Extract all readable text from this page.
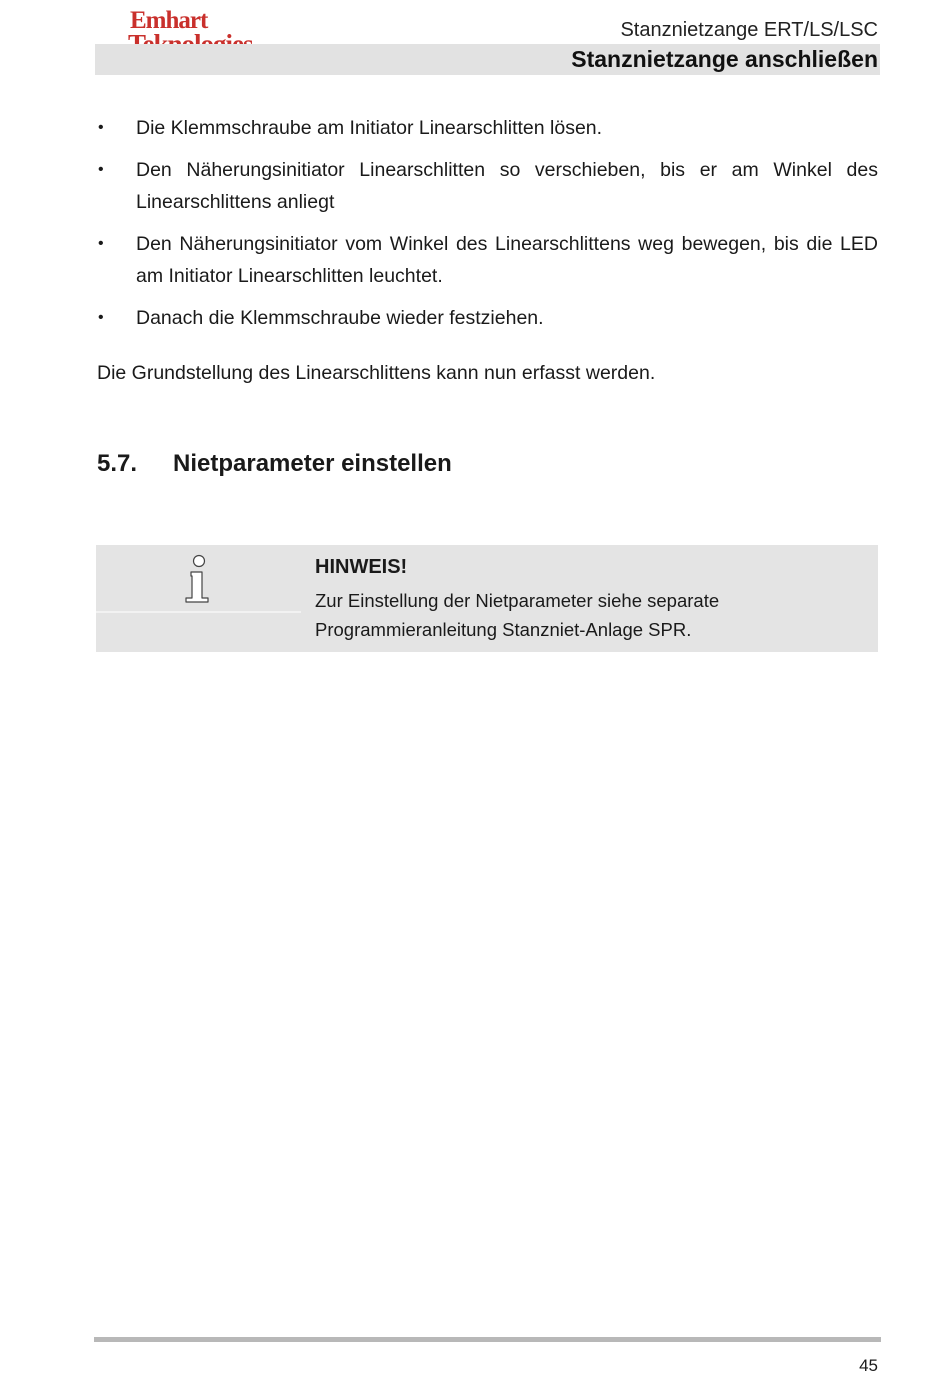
Emhart	Stanznietzange ERT/LS/LSC
Stanznietzange anschließen
• Die Klemmschraube am Initiator Linearschlitten lösen.
• Den Näherungsinitiator Linearschlitten so verschieben, bis er am Winkel des Linearschlittens anliegt
• Den Näherungsinitiator vom Winkel des Linearschlittens weg bewegen, bis die LED am Initiator Linearschlitten leuchtet.
• Danach die Klemmschraube wieder festziehen.

Die Grundstellung des Linearschlittens kann nun erfasst werden.

5.7. Nietparameter einstellen

HINWEIS!

Zur Einstellung der Nietparameter siehe separate Programmieranleitung Stanzniet-Anlage SPR.

45
